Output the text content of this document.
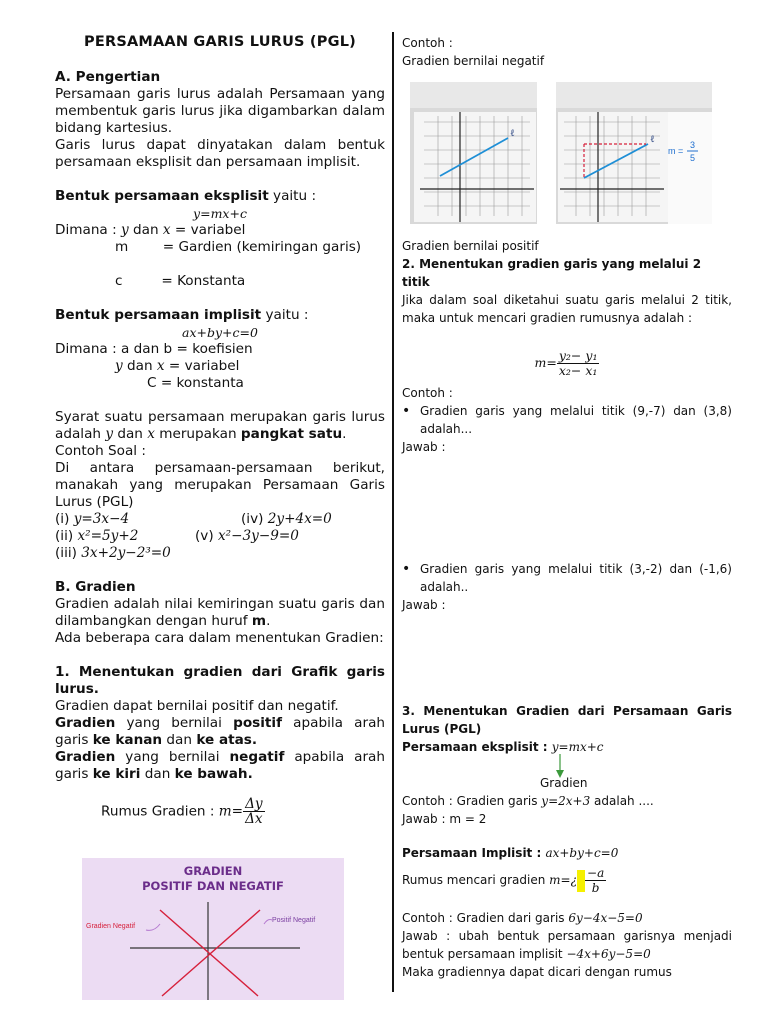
PERSAMAAN GARIS LURUS (PGL)

A. Pengertian

Persamaan garis lurus adalah Persamaan yang membentuk garis lurus jika digambarkan dalam bidang kartesius.

Garis lurus dapat dinyatakan dalam bentuk persamaan eksplisit dan persamaan implisit.

Bentuk persamaan eksplisit yaitu :

y=mx+c

Dimana : y dan x = variabel

m        = Gardien (kemiringan garis)

c         = Konstanta

Bentuk persamaan implisit yaitu :

ax+by+c=0

Dimana : a dan b = koefisien

y dan x = variabel

C = konstanta

Syarat suatu persamaan merupakan garis lurus adalah y dan x merupakan pangkat satu.

Contoh Soal :

Di antara persamaan-persamaan berikut, manakah yang merupakan Persamaan Garis Lurus (PGL)

(i) y=3x−4	(iv) 2y+4x=0
(ii) x²=5y+2	(v) x²−3y−9=0
(iii) 3x+2y−2³=0

B. Gradien

Gradien adalah nilai kemiringan suatu garis dan dilambangkan dengan huruf m.

Ada beberapa cara dalam menentukan Gradien:

1. Menentukan gradien dari Grafik garis lurus.

Gradien dapat bernilai positif dan negatif.

Gradien yang bernilai positif apabila arah garis ke kanan dan ke atas.

Gradien yang bernilai negatif apabila arah garis ke kiri dan ke bawah.

Rumus Gradien : $m= \frac{\Delta y}{\Delta x}$

GRADIEN
POSITIF DAN NEGATIF
Gradien Negatif
Positif Negatif

Contoh :

Gradien bernilai negatif

ℓ
ℓ
m =
3
5

Gradien bernilai positif

2. Menentukan gradien garis yang melalui 2 titik

Jika dalam soal diketahui suatu garis melalui 2 titik, maka untuk mencari gradien rumusnya adalah :

$m= \frac{\text{y₂− y₁}}{\text{x₂− x₁}}$

Contoh :

• Gradien garis yang melalui titik (9,-7) dan (3,8) adalah...

Jawab :

• Gradien garis yang melalui titik (3,-2) dan (-1,6) adalah..

Jawab :

3. Menentukan Gradien dari Persamaan Garis Lurus (PGL)

Persamaan eksplisit : y=mx+c

Gradien

Contoh : Gradien garis y=2x+3 adalah ....

Jawab : m = 2

Persamaan Implisit : ax+by+c=0

Rumus mencari gradien m=¿ $\frac{-a}{b}$

Contoh : Gradien dari garis 6y−4x−5=0

Jawab : ubah bentuk persamaan garisnya menjadi bentuk persamaan implisit −4x+6y−5=0

Maka gradiennya dapat dicari dengan rumus
